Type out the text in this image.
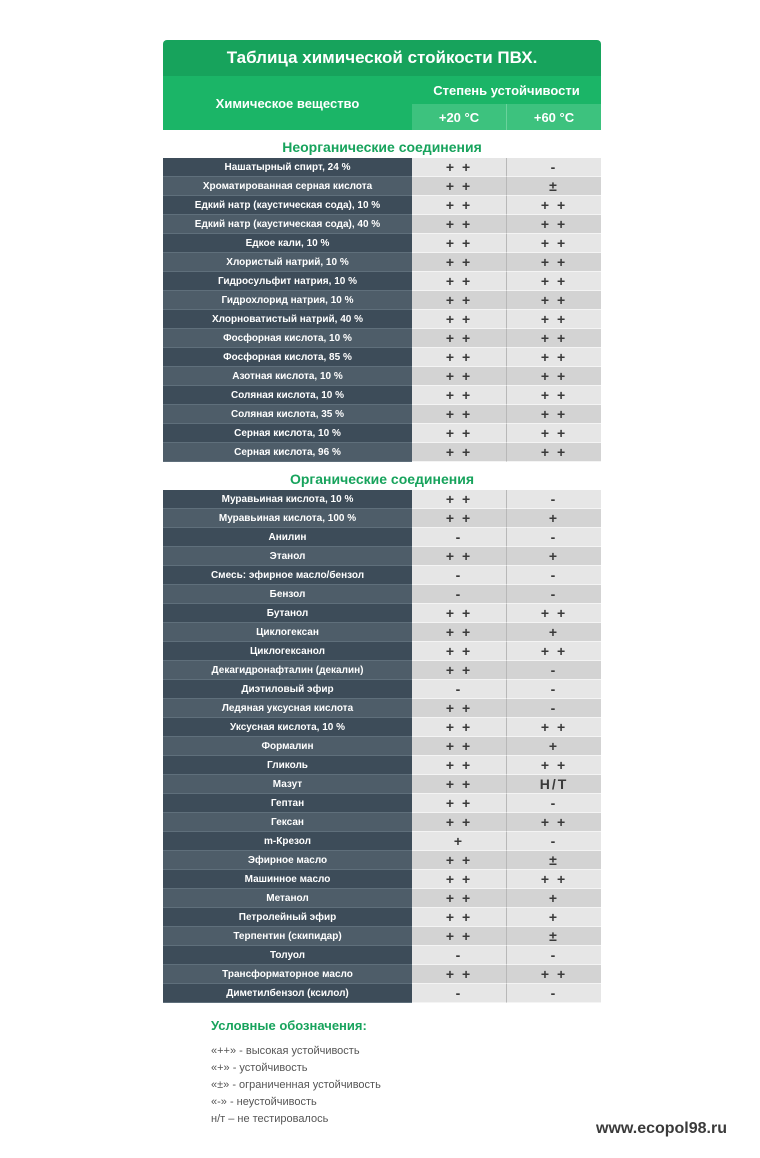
Таблица химической стойкости ПВХ.
Химическое вещество
Степень устойчивости
+20 °C	+60 °C
Неорганические соединения
Нашатырный спирт, 24 %	+ +	-
Хроматированная серная кислота	+ +	±
Едкий натр (каустическая сода), 10 %	+ +	+ +
Едкий натр (каустическая сода), 40 %	+ +	+ +
Едкое кали, 10 %	+ +	+ +
Хлористый натрий, 10 %	+ +	+ +
Гидросульфит натрия, 10 %	+ +	+ +
Гидрохлорид натрия, 10 %	+ +	+ +
Хлорноватистый натрий, 40 %	+ +	+ +
Фосфорная кислота, 10 %	+ +	+ +
Фосфорная кислота, 85 %	+ +	+ +
Азотная кислота, 10 %	+ +	+ +
Соляная кислота, 10 %	+ +	+ +
Соляная кислота, 35 %	+ +	+ +
Серная кислота, 10 %	+ +	+ +
Серная кислота, 96 %	+ +	+ +
Органические соединения
Муравьиная кислота, 10 %	+ +	-
Муравьиная кислота, 100 %	+ +	+
Анилин	-	-
Этанол	+ +	+
Смесь: эфирное масло/бензол	-	-
Бензол	-	-
Бутанол	+ +	+ +
Циклогексан	+ +	+
Циклогексанол	+ +	+ +
Декагидронафталин (декалин)	+ +	-
Диэтиловый эфир	-	-
Ледяная уксусная кислота	+ +	-
Уксусная кислота, 10 %	+ +	+ +
Формалин	+ +	+
Гликоль	+ +	+ +
Мазут	+ +	Н/Т
Гептан	+ +	-
Гексан	+ +	+ +
m-Крезол	+	-
Эфирное масло	+ +	±
Машинное масло	+ +	+ +
Метанол	+ +	+
Петролейный эфир	+ +	+
Терпентин (скипидар)	+ +	±
Толуол	-	-
Трансформаторное масло	+ +	+ +
Диметилбензол (ксилол)	-	-
Условные обозначения:
«++» - высокая устойчивость
«+» - устойчивость
«±» - ограниченная устойчивость
«-» - неустойчивость
н/т – не тестировалось
www.ecopol98.ru
